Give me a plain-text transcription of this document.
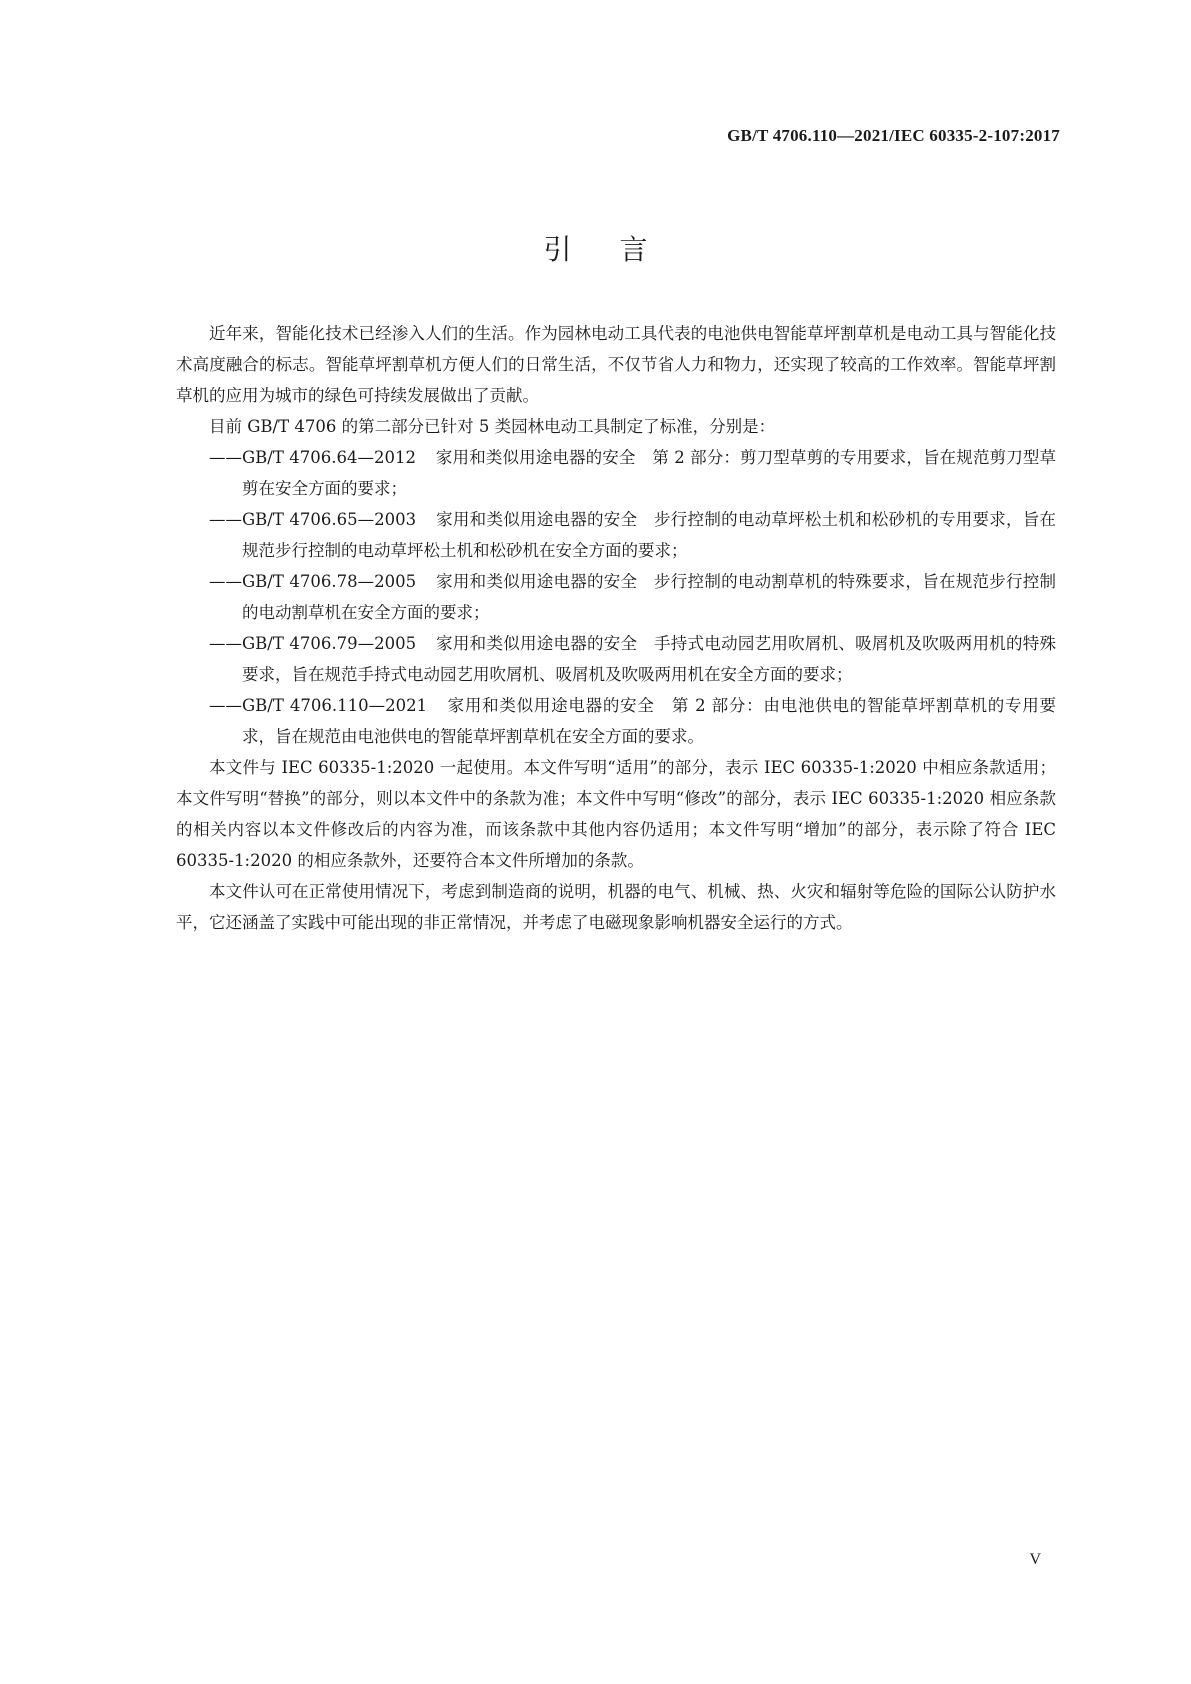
GB/T 4706.110—2021/IEC 60335-2-107:2017
引言

近年来，智能化技术已经渗入人们的生活。作为园林电动工具代表的电池供电智能草坪割草机是电动工具与智能化技术高度融合的标志。智能草坪割草机方便人们的日常生活，不仅节省人力和物力，还实现了较高的工作效率。智能草坪割草机的应用为城市的绿色可持续发展做出了贡献。

目前 GB/T 4706 的第二部分已针对 5 类园林电动工具制定了标准，分别是：

——GB/T 4706.64—2012 家用和类似用途电器的安全　第 2 部分：剪刀型草剪的专用要求，旨在规范剪刀型草剪在安全方面的要求；

——GB/T 4706.65—2003 家用和类似用途电器的安全　步行控制的电动草坪松土机和松砂机的专用要求，旨在规范步行控制的电动草坪松土机和松砂机在安全方面的要求；

——GB/T 4706.78—2005 家用和类似用途电器的安全　步行控制的电动割草机的特殊要求，旨在规范步行控制的电动割草机在安全方面的要求；

——GB/T 4706.79—2005 家用和类似用途电器的安全　手持式电动园艺用吹屑机、吸屑机及吹吸两用机的特殊要求，旨在规范手持式电动园艺用吹屑机、吸屑机及吹吸两用机在安全方面的要求；

——GB/T 4706.110—2021 家用和类似用途电器的安全　第 2 部分：由电池供电的智能草坪割草机的专用要求，旨在规范由电池供电的智能草坪割草机在安全方面的要求。

本文件与 IEC 60335-1:2020 一起使用。本文件写明“适用”的部分，表示 IEC 60335-1:2020 中相应条款适用；本文件写明“替换”的部分，则以本文件中的条款为准；本文件中写明“修改”的部分，表示 IEC 60335-1:2020 相应条款的相关内容以本文件修改后的内容为准，而该条款中其他内容仍适用；本文件写明“增加”的部分，表示除了符合 IEC 60335-1:2020 的相应条款外，还要符合本文件所增加的条款。

本文件认可在正常使用情况下，考虑到制造商的说明，机器的电气、机械、热、火灾和辐射等危险的国际公认防护水平，它还涵盖了实践中可能出现的非正常情况，并考虑了电磁现象影响机器安全运行的方式。

V
